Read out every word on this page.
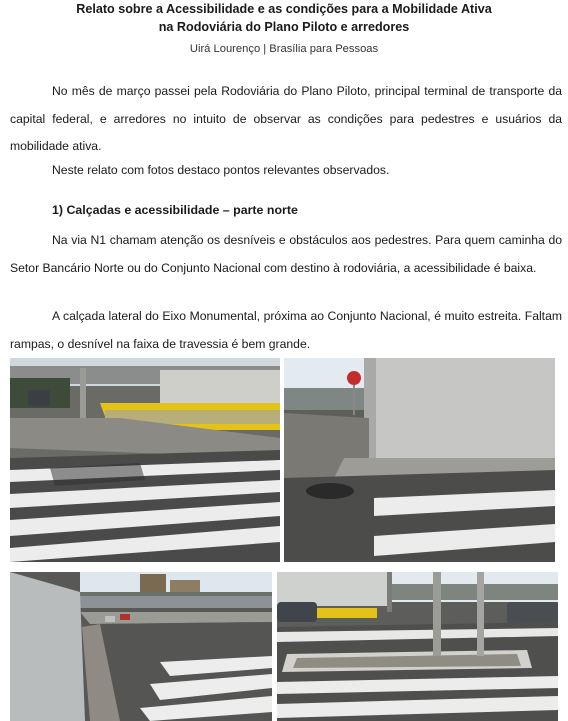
Relato sobre a Acessibilidade e as condições para a Mobilidade Ativa
na Rodoviária do Plano Piloto e arredores
Uirá Lourenço | Brasília para Pessoas
No mês de março passei pela Rodoviária do Plano Piloto, principal terminal de transporte da capital federal, e arredores no intuito de observar as condições para pedestres e usuários da mobilidade ativa.
Neste relato com fotos destaco pontos relevantes observados.
1) Calçadas e acessibilidade – parte norte
Na via N1 chamam atenção os desníveis e obstáculos aos pedestres. Para quem caminha do Setor Bancário Norte ou do Conjunto Nacional com destino à rodoviária, a acessibilidade é baixa.
A calçada lateral do Eixo Monumental, próxima ao Conjunto Nacional, é muito estreita. Faltam rampas, o desnível na faixa de travessia é bem grande.
